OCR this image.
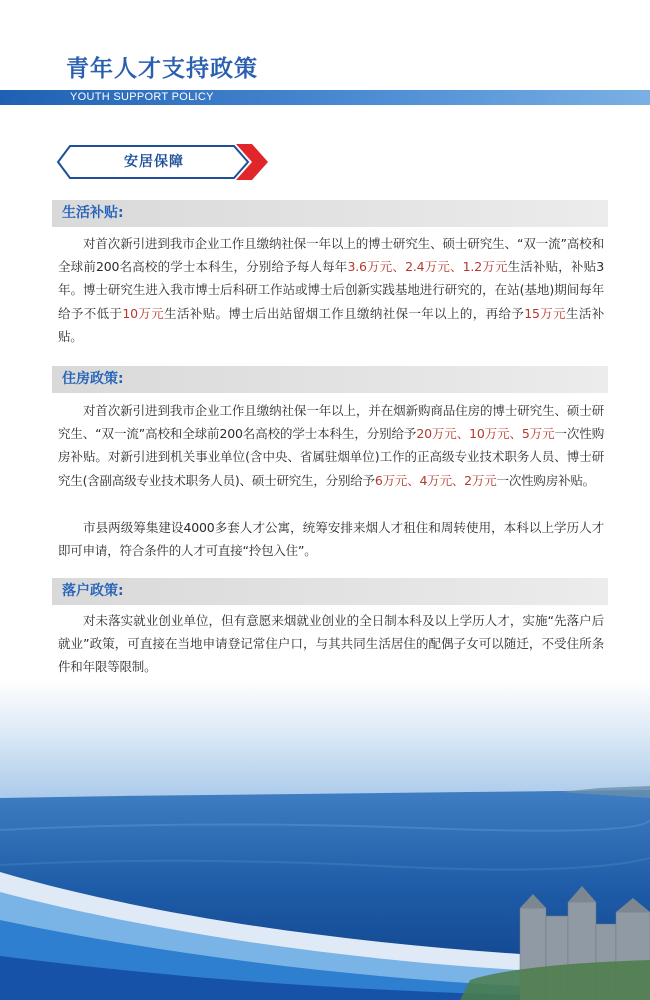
青年人才支持政策
YOUTH SUPPORT POLICY
安居保障
生活补贴:

对首次新引进到我市企业工作且缴纳社保一年以上的博士研究生、硕士研究生、“双一流”高校和全球前200名高校的学士本科生，分别给予每人每年3.6万元、2.4万元、1.2万元生活补贴，补贴3年。博士研究生进入我市博士后科研工作站或博士后创新实践基地进行研究的，在站(基地)期间每年给予不低于10万元生活补贴。博士后出站留烟工作且缴纳社保一年以上的，再给予15万元生活补贴。

住房政策:

对首次新引进到我市企业工作且缴纳社保一年以上，并在烟新购商品住房的博士研究生、硕士研究生、“双一流”高校和全球前200名高校的学士本科生，分别给予20万元、10万元、5万元一次性购房补贴。对新引进到机关事业单位(含中央、省属驻烟单位)工作的正高级专业技术职务人员、博士研究生(含副高级专业技术职务人员)、硕士研究生，分别给予6万元、4万元、2万元一次性购房补贴。

市县两级筹集建设4000多套人才公寓，统筹安排来烟人才租住和周转使用，本科以上学历人才即可申请，符合条件的人才可直接“拎包入住”。

落户政策:

对未落实就业创业单位，但有意愿来烟就业创业的全日制本科及以上学历人才，实施“先落户后就业”政策，可直接在当地申请登记常住户口，与其共同生活居住的配偶子女可以随迁，不受住所条件和年限等限制。
